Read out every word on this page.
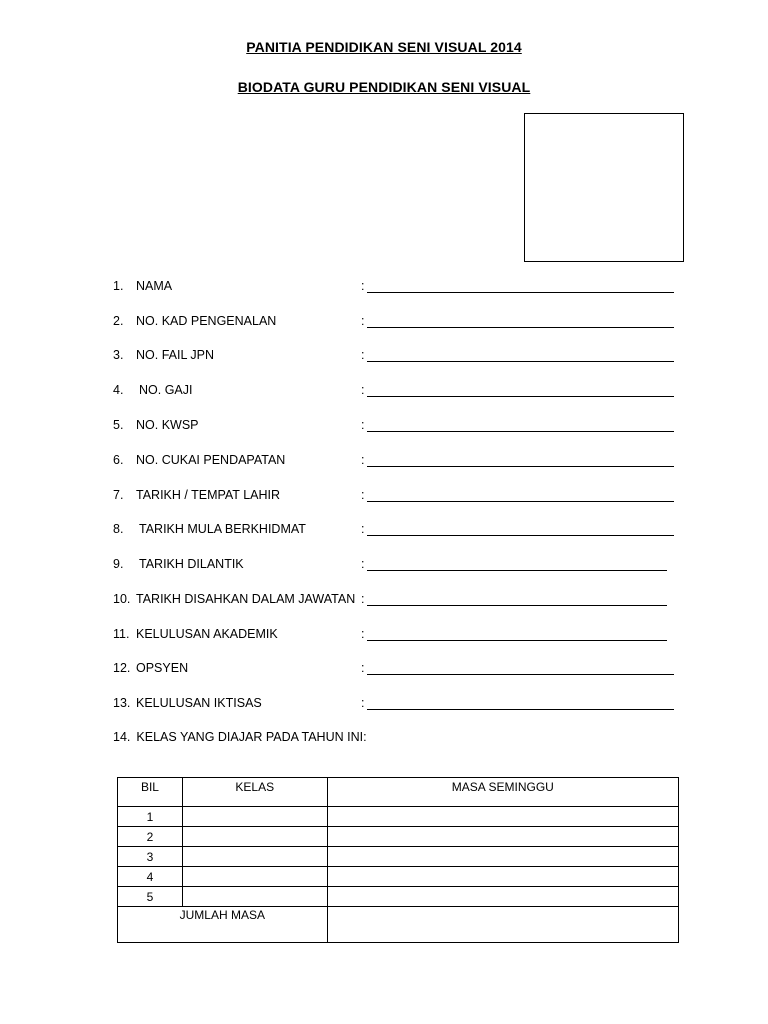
PANITIA PENDIDIKAN SENI VISUAL 2014
BIODATA GURU PENDIDIKAN SENI VISUAL
1. NAMA	:
2. NO. KAD PENGENALAN	:
3. NO. FAIL JPN	:
4. NO. GAJI	:
5. NO. KWSP	:
6. NO. CUKAI PENDAPATAN	:
7. TARIKH / TEMPAT LAHIR	:
8. TARIKH MULA BERKHIDMAT	:
9. TARIKH DILANTIK	:
10. TARIKH DISAHKAN DALAM JAWATAN :
11. KELULUSAN AKADEMIK	:
12. OPSYEN	:
13. KELULUSAN IKTISAS	:
14. KELAS YANG DIAJAR PADA TAHUN INI:
BIL	KELAS	MASA SEMINGGU
1		
2		
3		
4		
5		
JUMLAH MASA		
